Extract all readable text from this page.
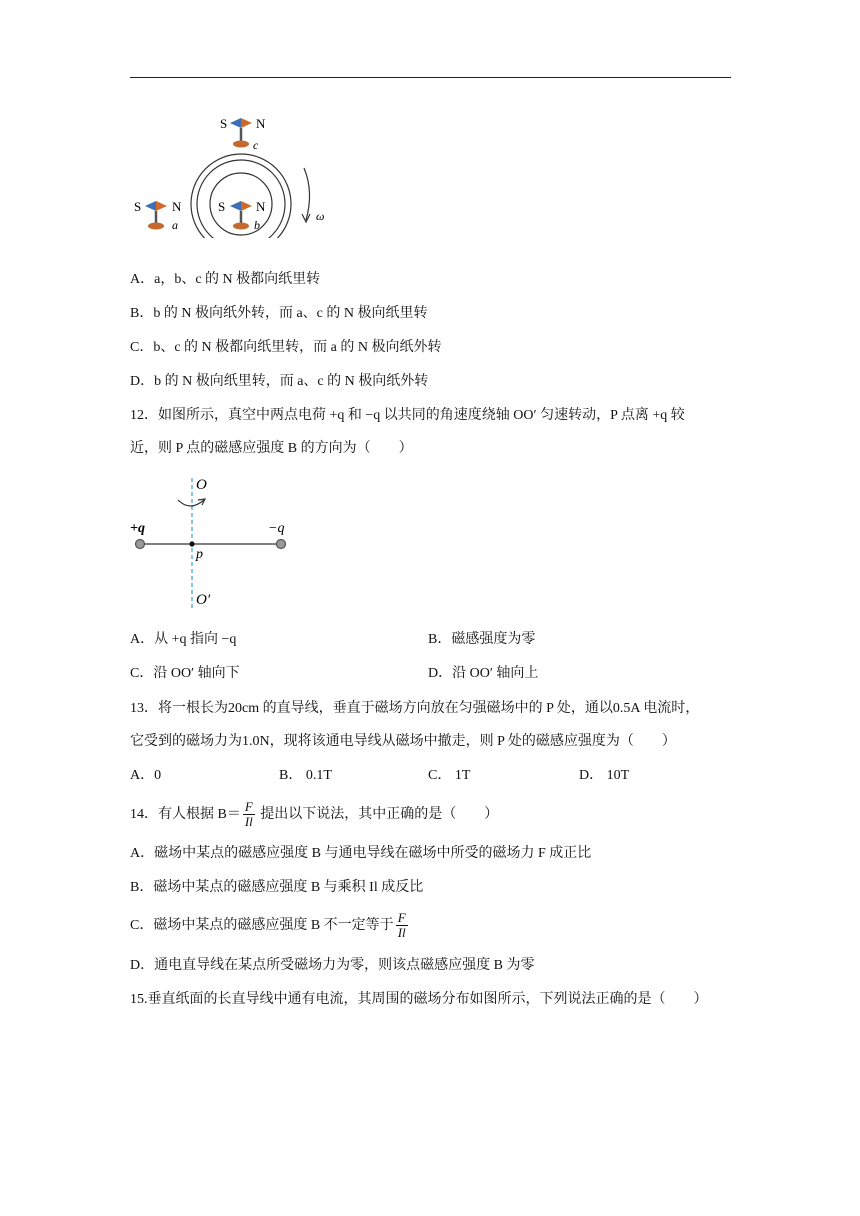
ω
S N
c
S N
a
S N
b
A．a，b、c 的 N 极都向纸里转
B．b 的 N 极向纸外转，而 a、c 的 N 极向纸里转
C．b、c 的 N 极都向纸里转，而 a 的 N 极向纸外转
D．b 的 N 极向纸里转，而 a、c 的 N 极向纸外转
12．如图所示，真空中两点电荷 +q 和 −q 以共同的角速度绕轴 OO′ 匀速转动，P 点离 +q 较
近，则 P 点的磁感应强度 B 的方向为（　　）
O
+q	−q
p
O′
A．从 +q 指向 −q	B．磁感强度为零
C．沿 OO′ 轴向下	D．沿 OO′ 轴向上
13．将一根长为20cm 的直导线，垂直于磁场方向放在匀强磁场中的 P 处，通以0.5A 电流时，
它受到的磁场力为1.0N，现将该通电导线从磁场中撤走，则 P 处的磁感应强度为（　　）
A．0	B． 0.1T	C． 1T	D． 10T
14．有人根据 $B= \frac{F}{Il}$ 提出以下说法，其中正确的是（　　）
A．磁场中某点的磁感应强度 B 与通电导线在磁场中所受的磁场力 F 成正比
B．磁场中某点的磁感应强度 B 与乘积 Il 成反比
C．磁场中某点的磁感应强度 B 不一定等于 $\frac{F}{Il}$
D．通电直导线在某点所受磁场力为零，则该点磁感应强度 B 为零
15.垂直纸面的长直导线中通有电流，其周围的磁场分布如图所示，下列说法正确的是（　　）
